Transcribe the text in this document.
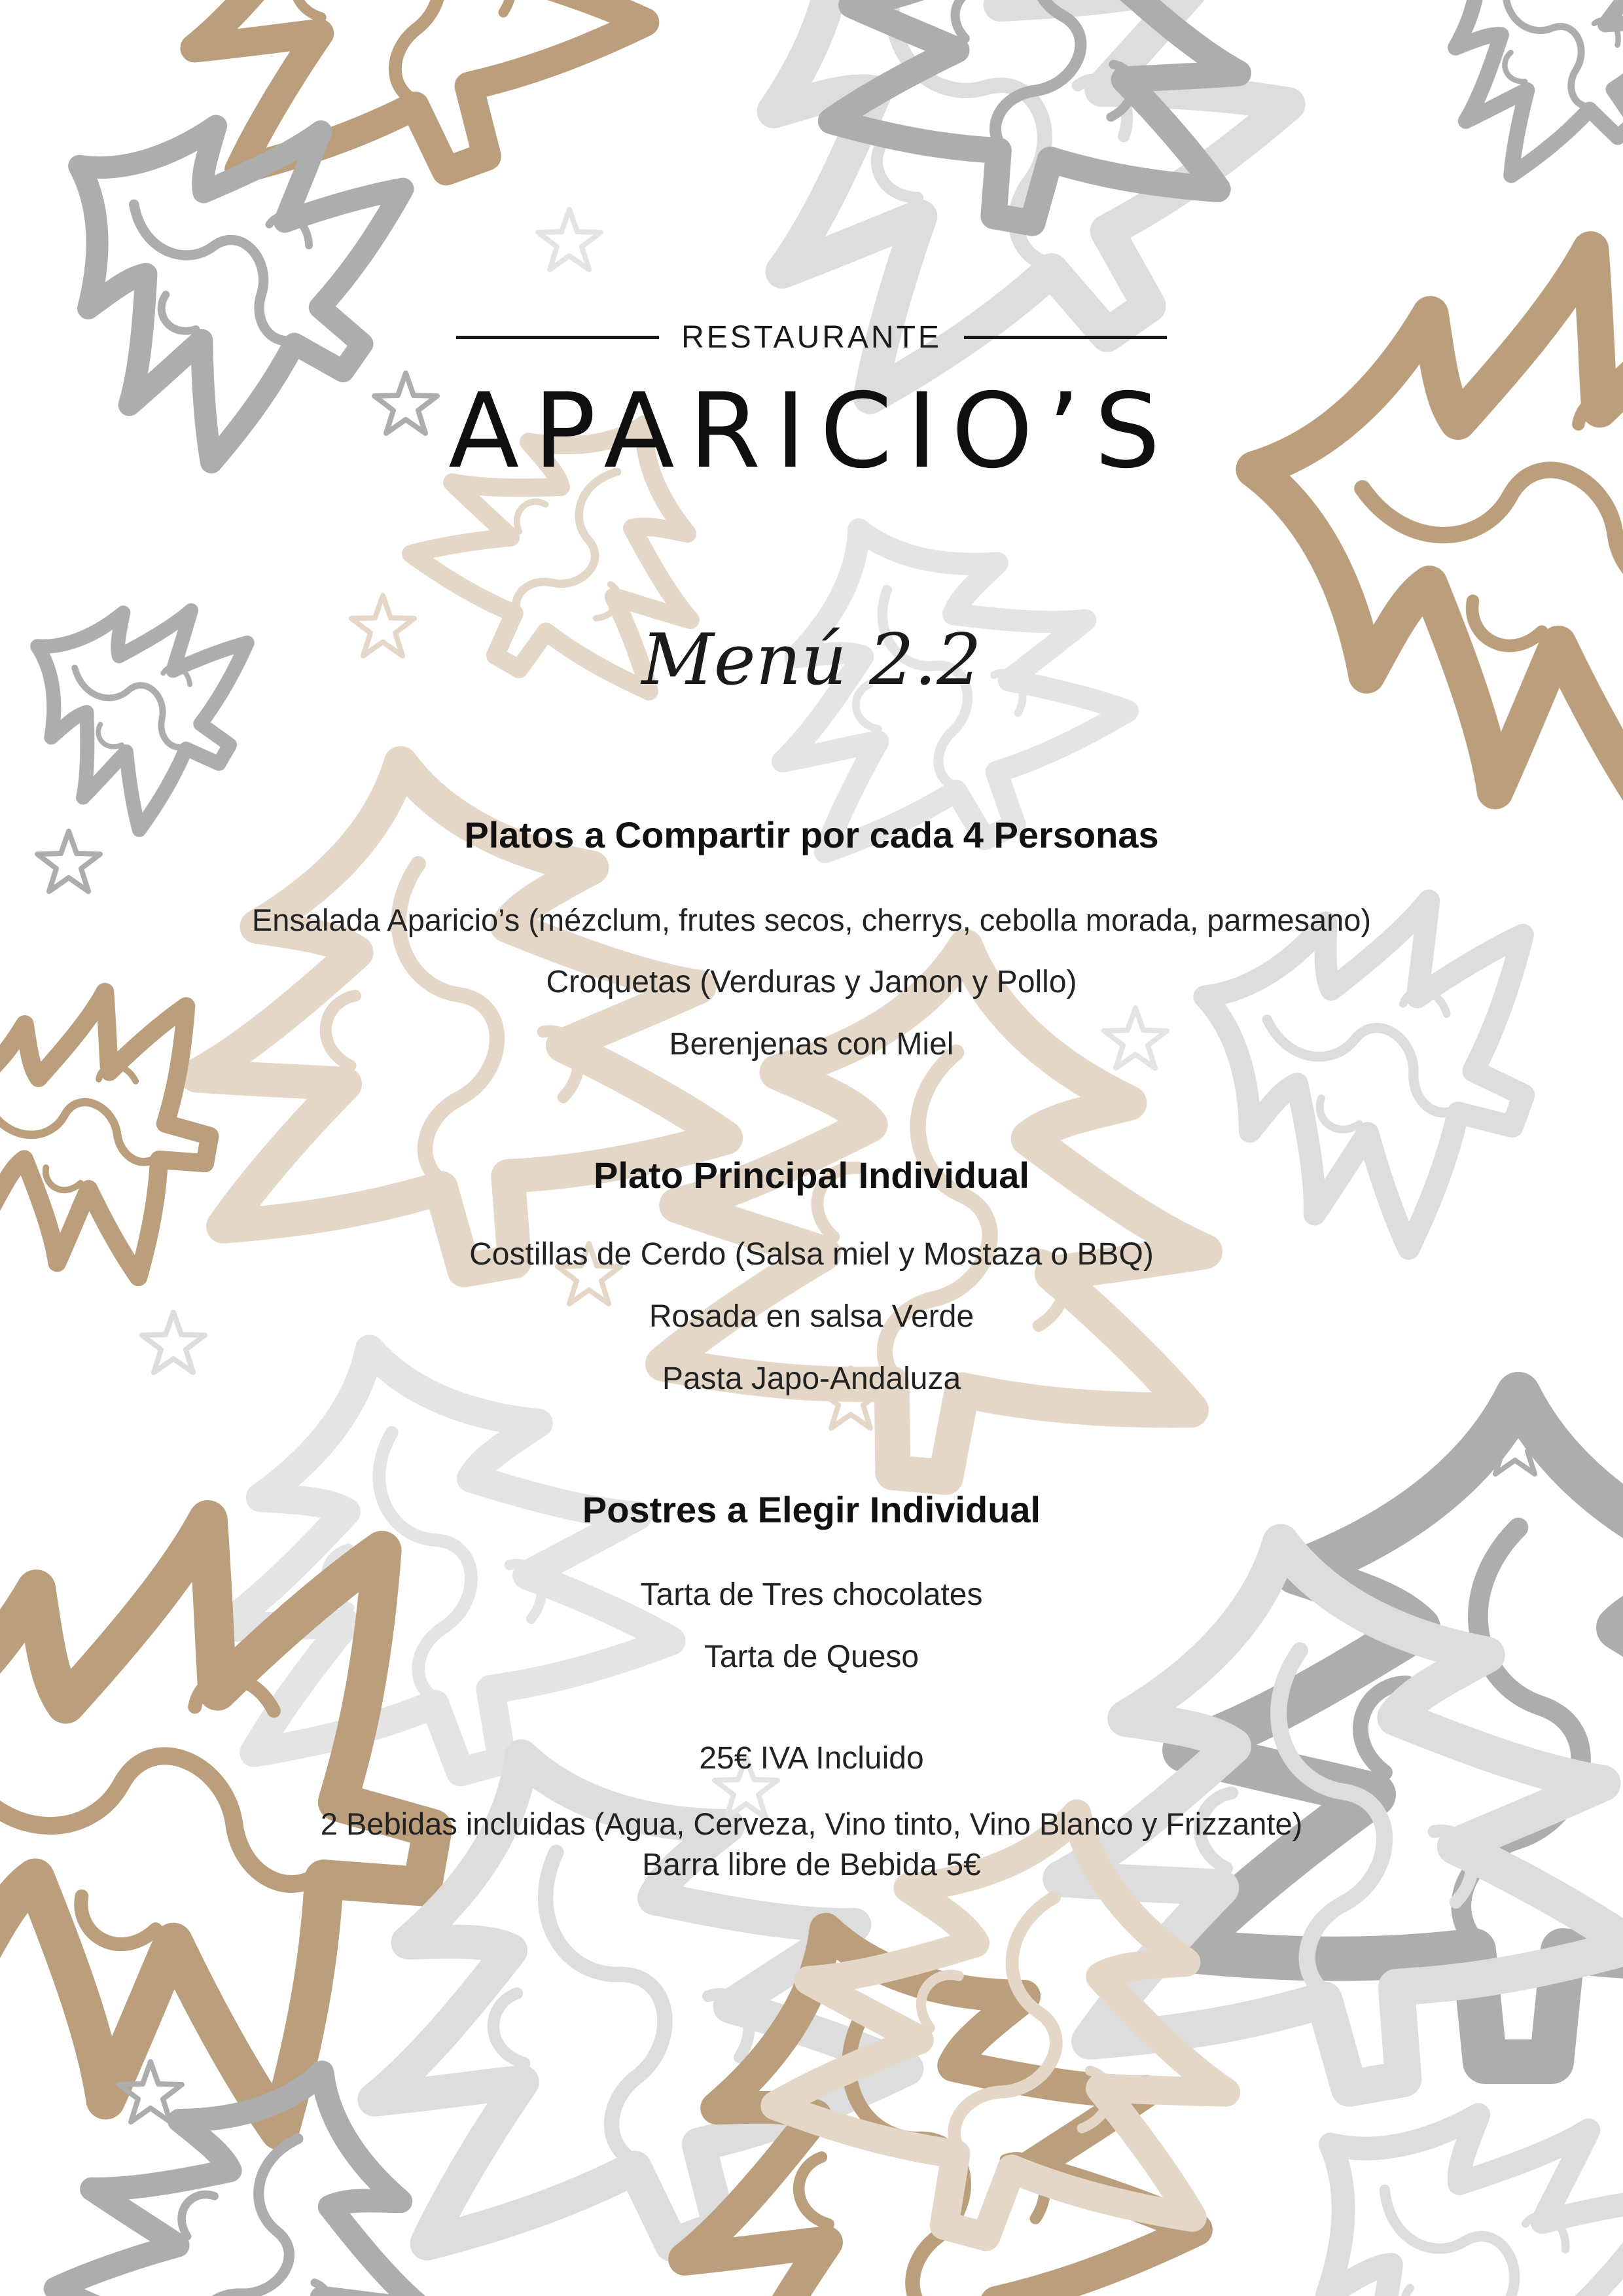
RESTAURANTE
APARICIO’S
Menú 2.2
Platos a Compartir por cada 4 Personas
Ensalada Aparicio’s (mézclum, frutes secos, cherrys, cebolla morada, parmesano)
Croquetas (Verduras y Jamon y Pollo)
Berenjenas con Miel
Plato Principal Individual
Costillas de Cerdo (Salsa miel y Mostaza o BBQ)
Rosada en salsa Verde
Pasta Japo-Andaluza
Postres a Elegir Individual
Tarta de Tres chocolates
Tarta de Queso
25€ IVA Incluido
2 Bebidas incluidas (Agua, Cerveza, Vino tinto, Vino Blanco y Frizzante)
Barra libre de Bebida 5€
